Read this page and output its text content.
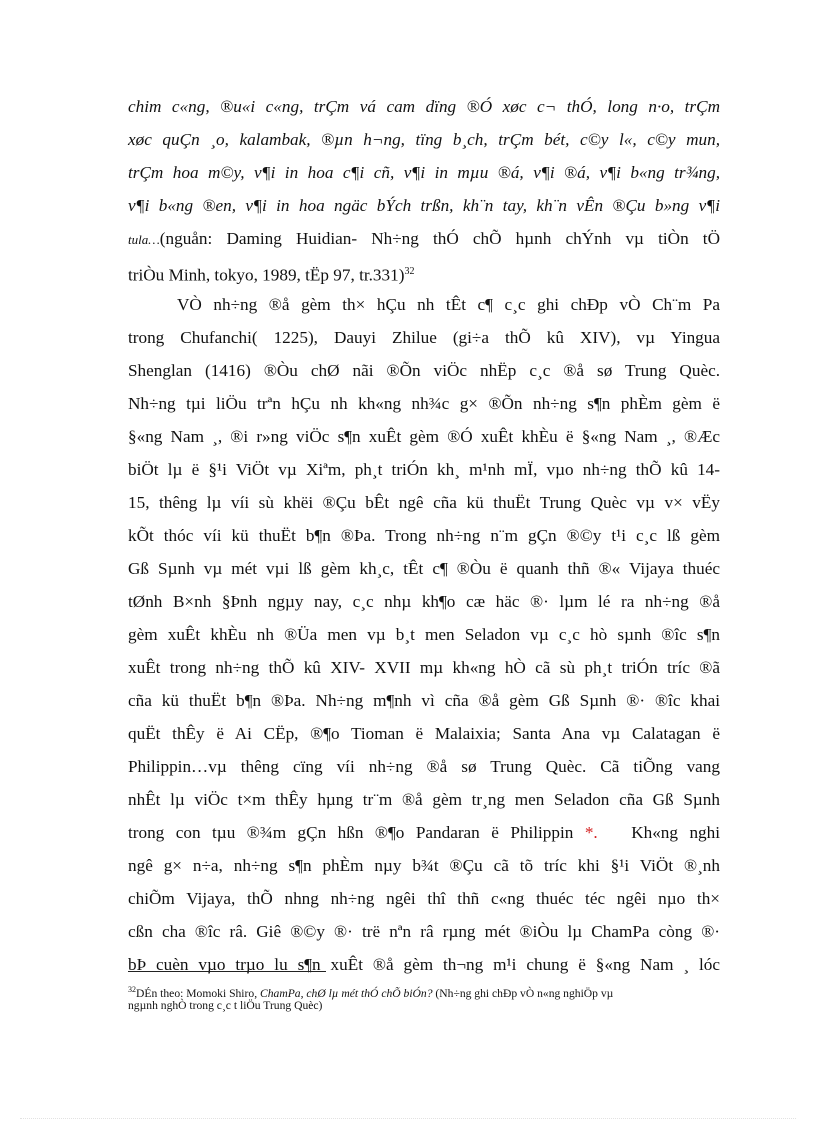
chim c«ng, ®u«i c«ng, trÇm vá cam dïng ®Ó xøc c¬ thÓ, long n·o, trÇm
xøc quÇn ¸o, kalambak, ®µn h¬ng, tïng b¸ch, trÇm bét, c©y l«, c©y mun,
trÇm hoa m©y, v¶i in hoa c¶i cñ, v¶i in mµu ®á, v¶i ®á, v¶i b«ng tr¾ng,
v¶i b«ng ®en, v¶i in hoa ngäc bÝch trßn, kh¨n tay, kh¨n vÊn ®Çu b»ng v¶i
tula…(nguån: Daming Huidian- Nh÷ng thÓ chÕ hµnh chÝnh vµ tiÒn tÖ
triÒu Minh, tokyo, 1989, tËp 97, tr.331)$^{32}$
VÒ nh÷ng ®å gèm th× hÇu nh tÊt c¶ c¸c ghi chÐp vÒ Ch¨m Pa
trong Chufanchi( 1225), Dauyi Zhilue (gi÷a thÕ kû XIV), vµ Yingua
Shenglan (1416) ®Òu chØ nãi ®Õn viÖc nhËp c¸c ®å sø Trung Quèc.
Nh÷ng tµi liÖu trªn hÇu nh kh«ng nh¾c g× ®Õn nh÷ng s¶n phÈm gèm ë
§«ng Nam ¸, ®i r»ng viÖc s¶n xuÊt gèm ®Ó xuÊt khÈu ë §«ng Nam ¸, ®Æc
biÖt lµ ë §¹i ViÖt vµ Xiªm, ph¸t triÓn kh¸ m¹nh mÏ, vµo nh÷ng thÕ kû 14-
15, thêng lµ víi sù khëi ®Çu bÊt ngê cña kü thuËt Trung Quèc vµ v× vËy
kÕt thóc víi kü thuËt b¶n ®Þa. Trong nh÷ng n¨m gÇn ®©y t¹i c¸c lß gèm
Gß Sµnh vµ mét vµi lß gèm kh¸c, tÊt c¶ ®Òu ë quanh thñ ®« Vijaya thuéc
tØnh B×nh §Þnh ngµy nay, c¸c nhµ kh¶o cæ häc ®· lµm lé ra nh÷ng ®å
gèm xuÊt khÈu nh ®Üa men vµ b¸t men Seladon vµ c¸c hò sµnh ®îc s¶n
xuÊt trong nh÷ng thÕ kû XIV- XVII mµ kh«ng hÒ cã sù ph¸t triÓn tríc ®ã
cña kü thuËt b¶n ®Þa. Nh÷ng m¶nh vì cña ®å gèm Gß Sµnh ®· ®îc khai
quËt thÊy ë Ai CËp, ®¶o Tioman ë Malaixia; Santa Ana vµ Calatagan ë
Philippin…vµ thêng cïng víi nh÷ng ®å sø Trung Quèc. Cã tiÕng vang
nhÊt lµ viÖc t×m thÊy hµng tr¨m ®å gèm tr¸ng men Seladon cña Gß Sµnh
trong con tµu ®¾m gÇn hßn ®¶o Pandaran ë Philippin *. Kh«ng nghi
ngê g× n÷a, nh÷ng s¶n phÈm nµy b¾t ®Çu cã tõ tríc khi §¹i ViÖt ®¸nh
chiÕm Vijaya, thÕ nhng nh÷ng ngêi thî thñ c«ng thuéc téc ngêi nµo th×
cßn cha ®îc râ. Giê ®©y ®· trë nªn râ rµng mét ®iÒu lµ ChamPa còng ®·
bÞ cuèn vµo trµo lu s¶n xuÊt ®å gèm th¬ng m¹i chung ë §«ng Nam ¸ lóc
$^{32}$DÉn theo: Momoki Shiro, ChamPa, chØ lµ mét thÓ chÕ biÓn? (Nh÷ng ghi chÐp vÒ n«ng nghiÖp vµ
ngµnh nghÒ trong c¸c t liÖu Trung Quèc)
